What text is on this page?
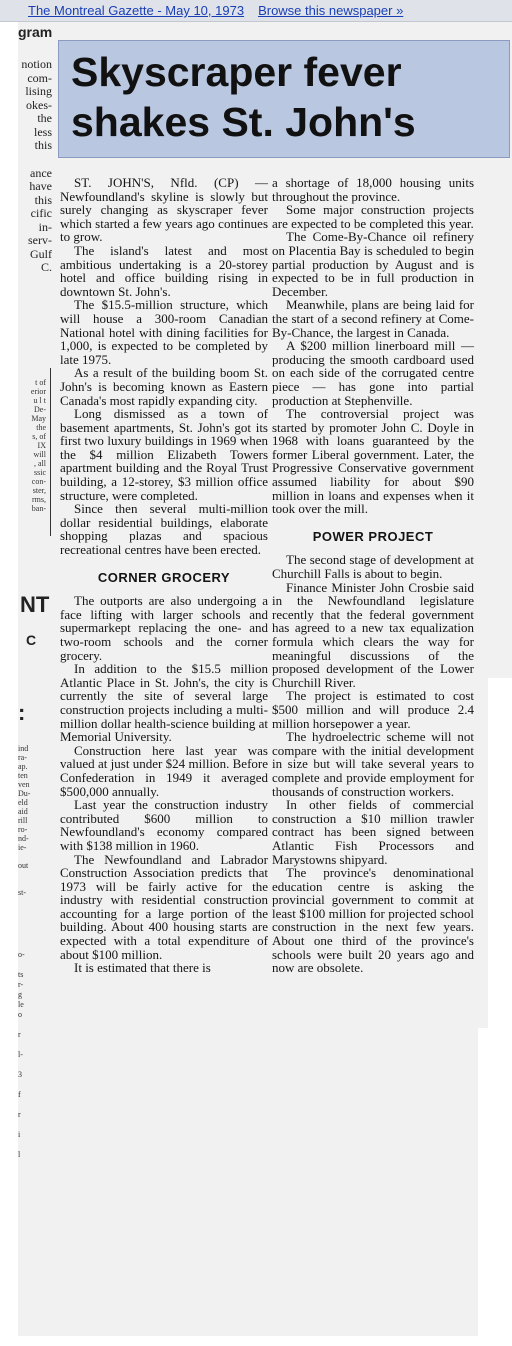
The Montreal Gazette - May 10, 1973 Browse this newspaper »
gram
notion
com-
lising
okes-
the
less
this
ance
have
this
cific
in-
serv-
Gulf
C.
t of
erior
u l t
De-
May
the
s, of
IX
will
, all
ssic
con-
ster,
rms,
ban-
NT
C
:
ind
ra-
ap.
ten
ven
Du-
eld
aid
rill
ro-
nd-
ie-

out

st-
o-

ts
r-
g
le
o

r

l-

3

f

r

i

l
Skyscraper fever
shakes St. John's

ST. JOHN'S, Nfld. (CP) — Newfoundland's skyline is slowly but surely changing as skyscraper fever which started a few years ago continues to grow.

The island's latest and most ambitious undertaking is a 20-storey hotel and office building rising in downtown St. John's.

The $15.5-million structure, which will house a 300-room Canadian National hotel with dining facilities for 1,000, is expected to be completed by late 1975.

As a result of the building boom St. John's is becoming known as Eastern Canada's most rapidly expanding city.

Long dismissed as a town of basement apartments, St. John's got its first two luxury buildings in 1969 when the $4 million Elizabeth Towers apartment building and the Royal Trust building, a 12-storey, $3 million office structure, were completed.

Since then several multi-million dollar residential buildings, elaborate shopping plazas and spacious recreational centres have been erected.

CORNER GROCERY

The outports are also undergoing a face lifting with larger schools and supermarkept replacing the one- and two-room schools and the corner grocery.

In addition to the $15.5 million Atlantic Place in St. John's, the city is currently the site of several large construction projects including a multi-million dollar health-science building at Memorial University.

Construction here last year was valued at just under $24 million. Before Confederation in 1949 it averaged $500,000 annually.

Last year the construction industry contributed $600 million to Newfoundland's economy compared with $138 million in 1960.

The Newfoundland and Labrador Construction Association predicts that 1973 will be fairly active for the industry with residential construction accounting for a large portion of the building. About 400 housing starts are expected with a total expenditure of about $100 million.

It is estimated that there is

a shortage of 18,000 housing units throughout the province.

Some major construction projects are expected to be completed this year.

The Come-By-Chance oil refinery on Placentia Bay is scheduled to begin partial production by August and is expected to be in full production in December.

Meanwhile, plans are being laid for the start of a second refinery at Come-By-Chance, the largest in Canada.

A $200 million linerboard mill — producing the smooth cardboard used on each side of the corrugated centre piece — has gone into partial production at Stephenville.

The controversial project was started by promoter John C. Doyle in 1968 with loans guaranteed by the former Liberal government. Later, the Progressive Conservative government assumed liability for about $90 million in loans and expenses when it took over the mill.

POWER PROJECT

The second stage of development at Churchill Falls is about to begin.

Finance Minister John Crosbie said in the Newfoundland legislature recently that the federal government has agreed to a new tax equalization formula which clears the way for meaningful discussions of the proposed development of the Lower Churchill River.

The project is estimated to cost $500 million and will produce 2.4 million horsepower a year.

The hydroelectric scheme will not compare with the initial development in size but will take several years to complete and provide employment for thousands of construction workers.

In other fields of commercial construction a $10 million trawler contract has been signed between Atlantic Fish Processors and Marystowns shipyard.

The province's denominational education centre is asking the provincial government to commit at least $100 million for projected school construction in the next few years. About one third of the province's schools were built 20 years ago and now are obsolete.
